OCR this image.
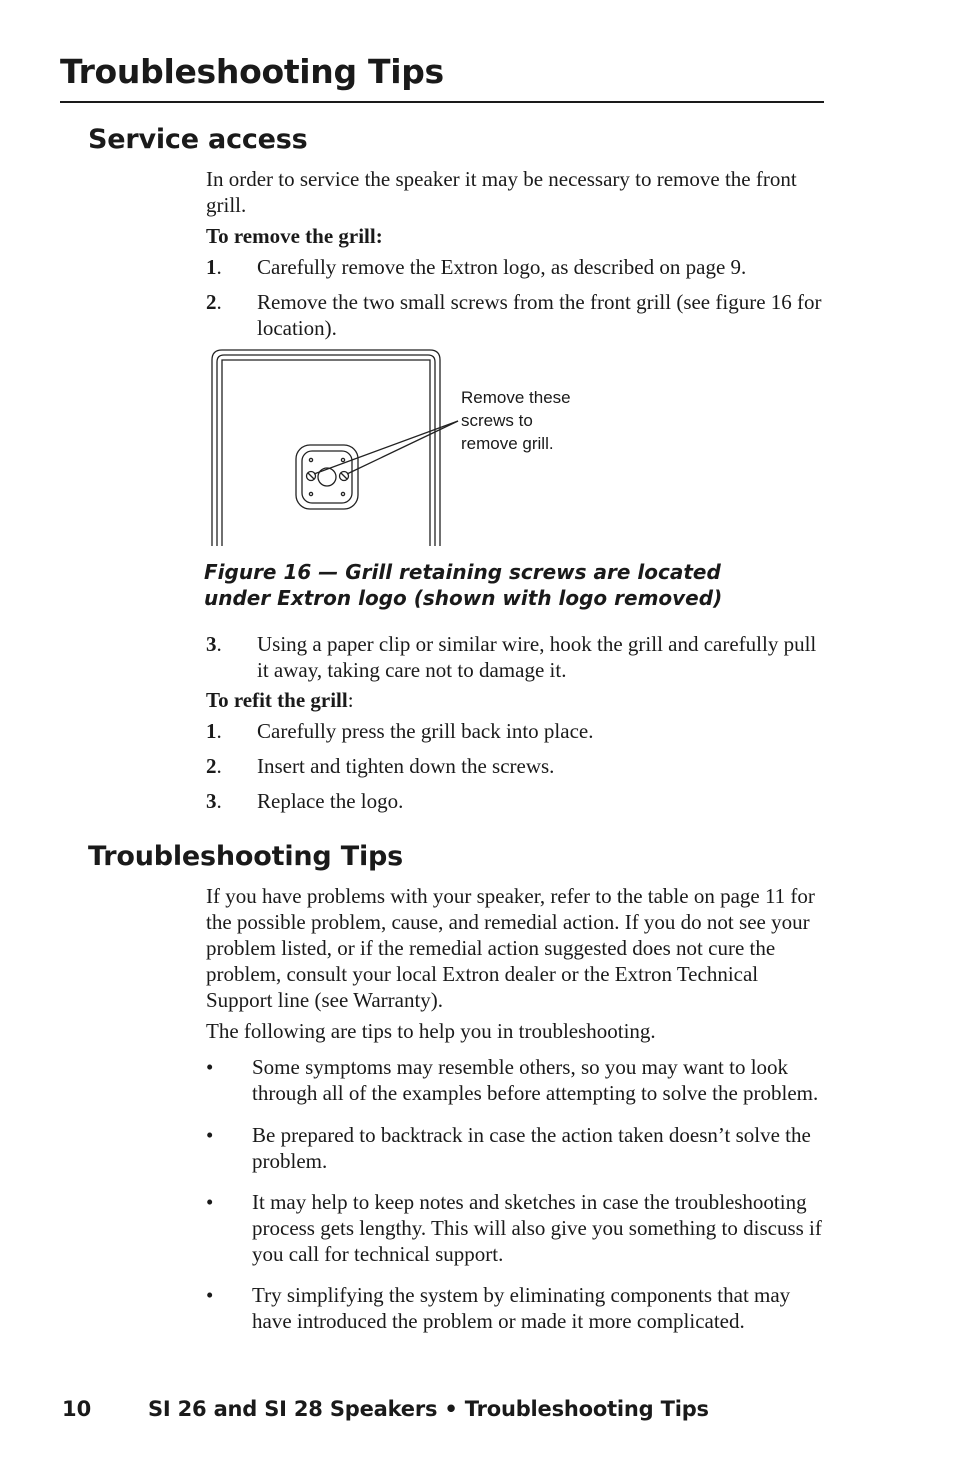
Troubleshooting Tips
Service access

In order to service the speaker it may be necessary to remove the front grill.

To remove the grill:

1.	Carefully remove the Extron logo, as described on page 9.
2.	Remove the two small screws from the front grill (see figure 16 for location).
Remove these
screws to
remove grill.
Figure 16 — Grill retaining screws are located
under Extron logo (shown with logo removed)
3.	Using a paper clip or similar wire, hook the grill and carefully pull it away, taking care not to damage it.

To refit the grill:

1.	Carefully press the grill back into place.
2.	Insert and tighten down the screws.
3.	Replace the logo.
Troubleshooting Tips

If you have problems with your speaker, refer to the table on page 11 for the possible problem, cause, and remedial action. If you do not see your problem listed, or if the remedial action suggested does not cure the problem, consult your local Extron dealer or the Extron Technical Support line (see Warranty).

The following are tips to help you in troubleshooting.

•	Some symptoms may resemble others, so you may want to look through all of the examples before attempting to solve the problem.
•	Be prepared to backtrack in case the action taken doesn’t solve the problem.
•	It may help to keep notes and sketches in case the troubleshooting process gets lengthy. This will also give you something to discuss if you call for technical support.
•	Try simplifying the system by eliminating components that may have introduced the problem or made it more complicated.
10	SI 26 and SI 28 Speakers • Troubleshooting Tips
